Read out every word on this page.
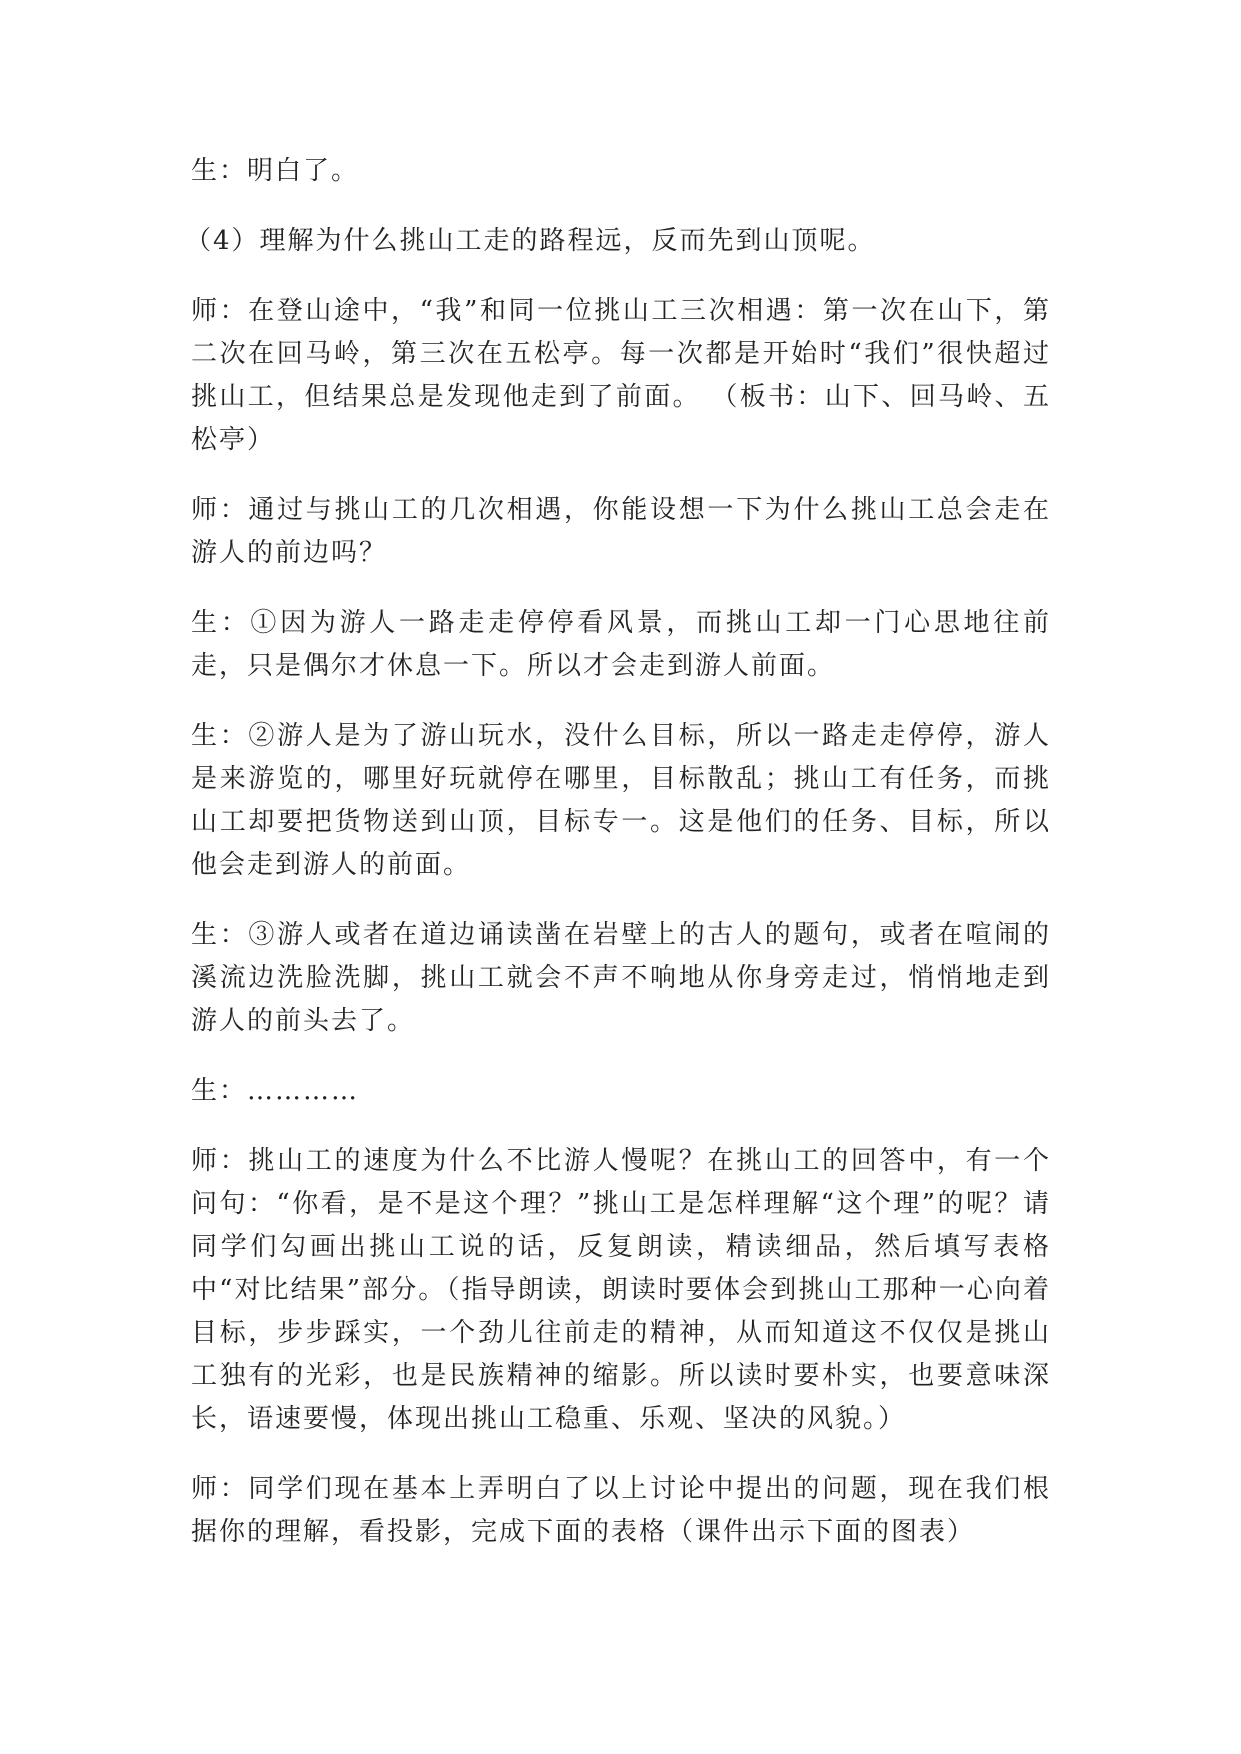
生：明白了。

（4）理解为什么挑山工走的路程远，反而先到山顶呢。

师：在登山途中，“我”和同一位挑山工三次相遇：第一次在山下，第二次在回马岭，第三次在五松亭。每一次都是开始时“我们”很快超过挑山工，但结果总是发现他走到了前面。 （板书：山下、回马岭、五松亭）

师：通过与挑山工的几次相遇，你能设想一下为什么挑山工总会走在游人的前边吗？

生：①因为游人一路走走停停看风景，而挑山工却一门心思地往前走，只是偶尔才休息一下。所以才会走到游人前面。

生：②游人是为了游山玩水，没什么目标，所以一路走走停停，游人是来游览的，哪里好玩就停在哪里，目标散乱；挑山工有任务，而挑山工却要把货物送到山顶，目标专一。这是他们的任务、目标，所以他会走到游人的前面。

生：③游人或者在道边诵读凿在岩壁上的古人的题句，或者在喧闹的溪流边洗脸洗脚，挑山工就会不声不响地从你身旁走过，悄悄地走到游人的前头去了。

生：…………

师：挑山工的速度为什么不比游人慢呢？在挑山工的回答中，有一个问句：“你看，是不是这个理？”挑山工是怎样理解“这个理”的呢？请同学们勾画出挑山工说的话，反复朗读，精读细品，然后填写表格中“对比结果”部分。（指导朗读，朗读时要体会到挑山工那种一心向着目标，步步踩实，一个劲儿往前走的精神，从而知道这不仅仅是挑山工独有的光彩，也是民族精神的缩影。所以读时要朴实，也要意味深长，语速要慢，体现出挑山工稳重、乐观、坚决的风貌。）

师：同学们现在基本上弄明白了以上讨论中提出的问题，现在我们根据你的理解，看投影，完成下面的表格（课件出示下面的图表）
